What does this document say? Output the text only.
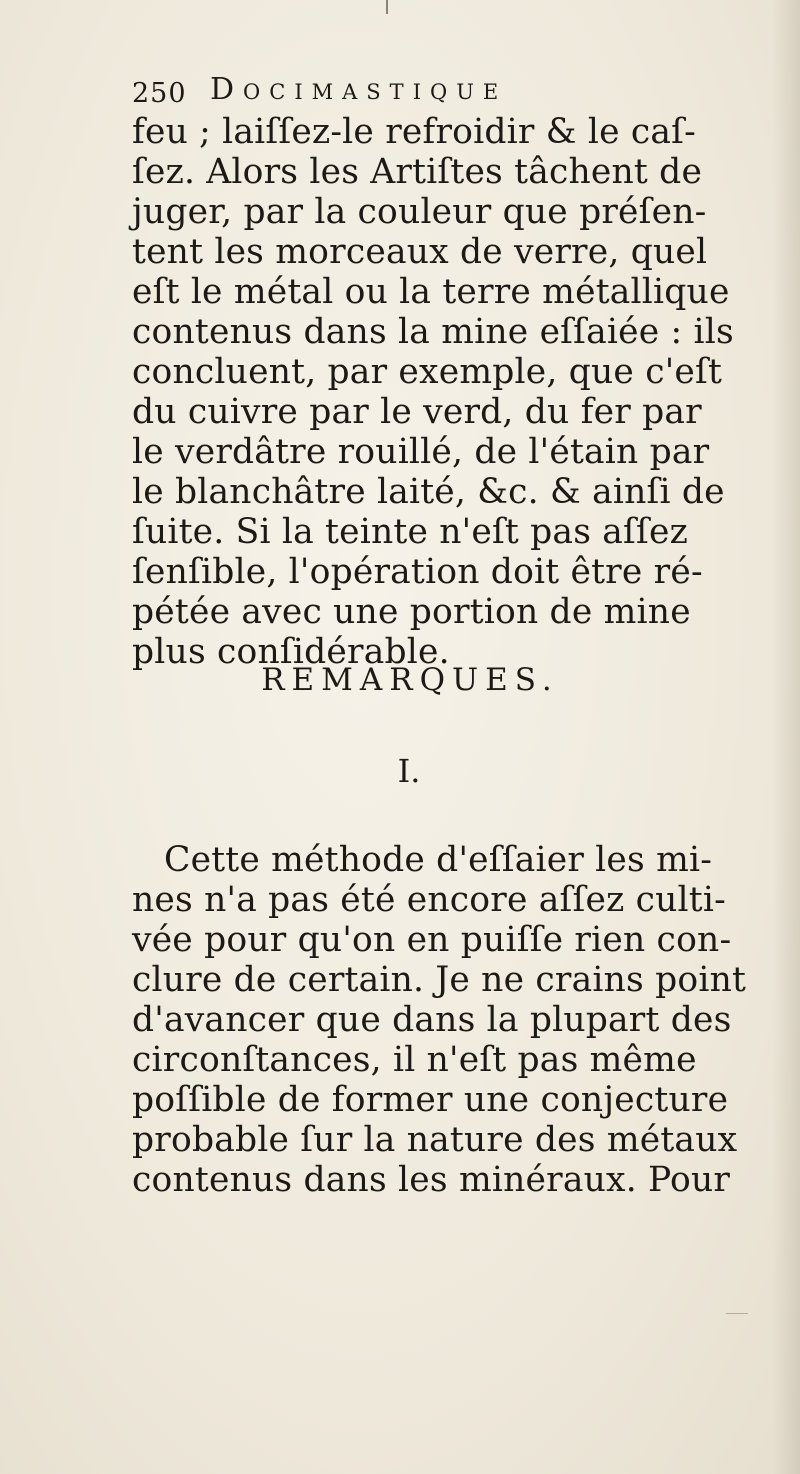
250 Docimastique
feu ; laiſſez-le refroidir & le caſ-
ſez. Alors les Artiſtes tâchent de
juger, par la couleur que préſen-
tent les morceaux de verre, quel
eſt le métal ou la terre métallique
contenus dans la mine eſſaiée : ils
concluent, par exemple, que c'eſt
du cuivre par le verd, du fer par
le verdâtre rouillé, de l'étain par
le blanchâtre laité, &c. & ainſi de
ſuite. Si la teinte n'eſt pas aſſez
ſenſible, l'opération doit être ré-
pétée avec une portion de mine
plus conſidérable.
REMARQUES.
I.
Cette méthode d'eſſaier les mi-
nes n'a pas été encore aſſez culti-
vée pour qu'on en puiſſe rien con-
clure de certain. Je ne crains point
d'avancer que dans la plupart des
circonſtances, il n'eſt pas même
poſſible de former une conjecture
probable ſur la nature des métaux
contenus dans les minéraux. Pour
